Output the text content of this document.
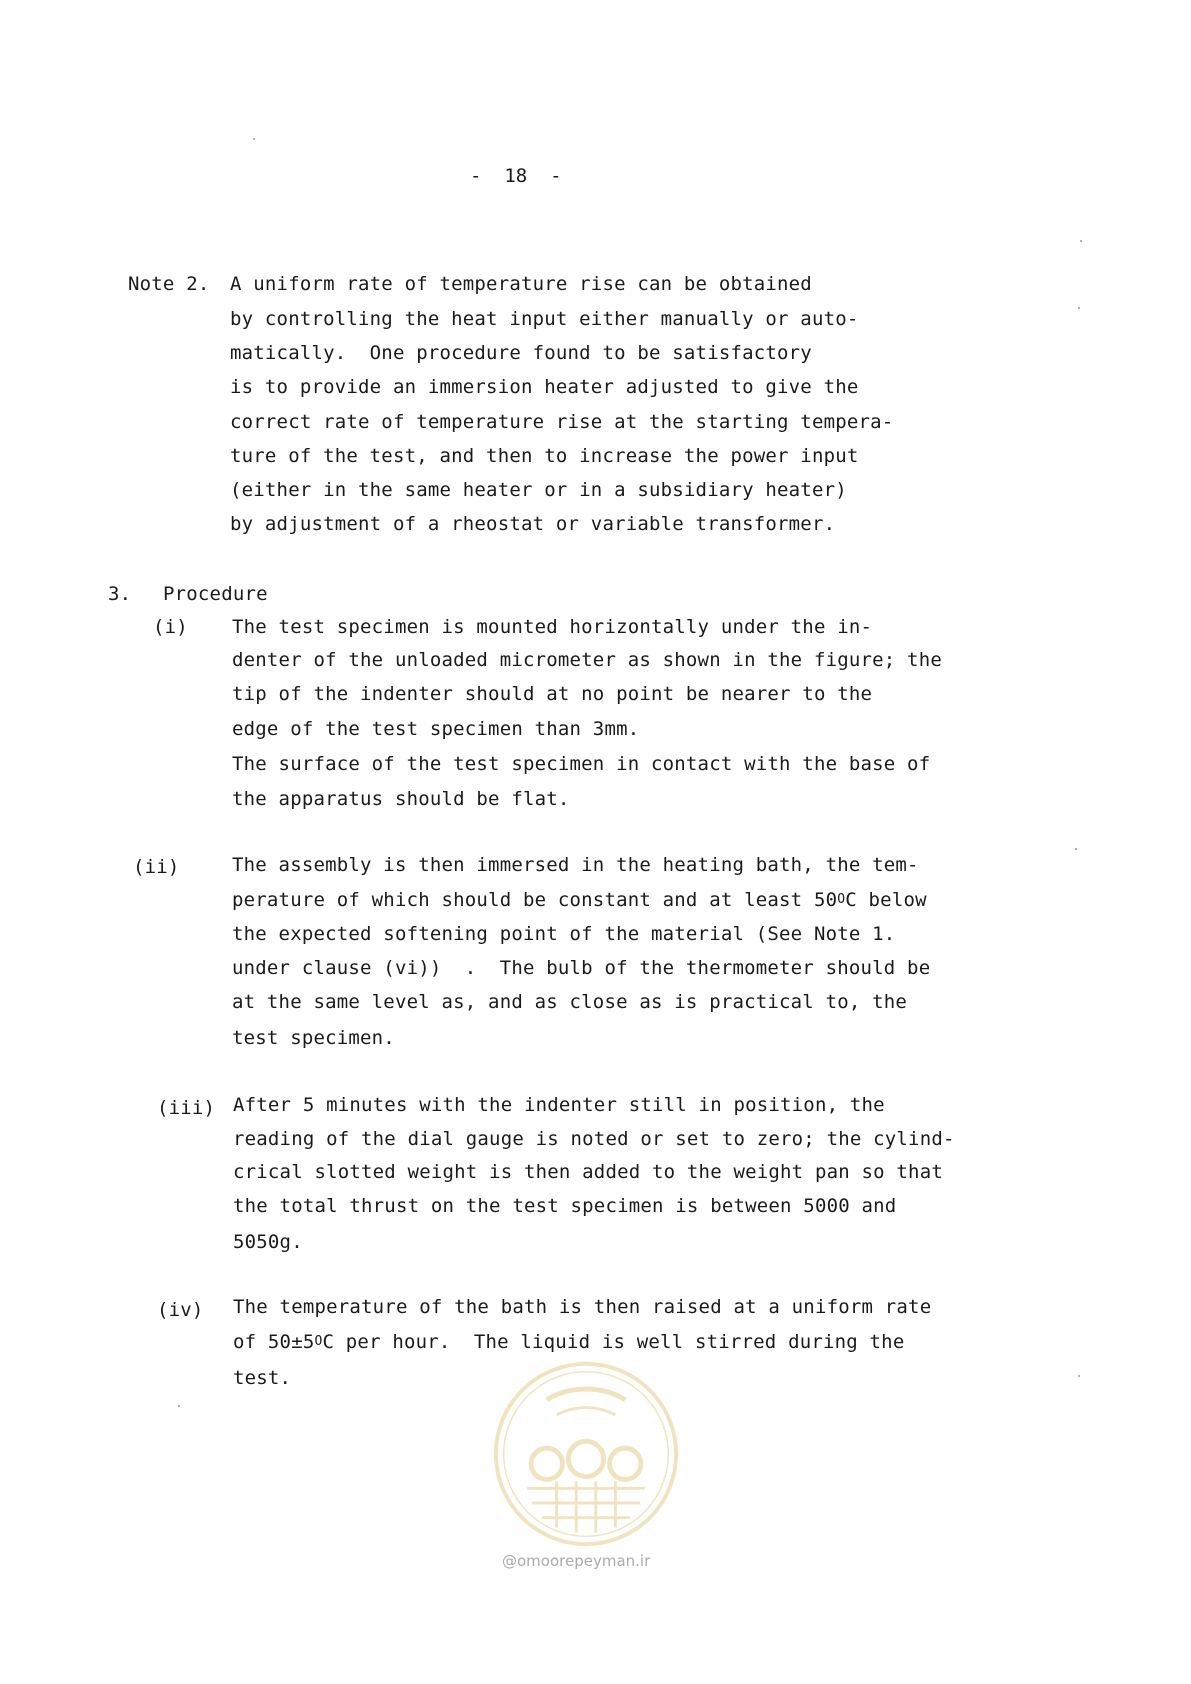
-  18  -
Note 2. A uniform rate of temperature rise can be obtained
by controlling the heat input either manually or auto-
matically.  One procedure found to be satisfactory
is to provide an immersion heater adjusted to give the
correct rate of temperature rise at the starting tempera-
ture of the test, and then to increase the power input
(either in the same heater or in a subsidiary heater)
by adjustment of a rheostat or variable transformer.
3. Procedure
(i) The test specimen is mounted horizontally under the in-
denter of the unloaded micrometer as shown in the figure; the
tip of the indenter should at no point be nearer to the
edge of the test specimen than 3mm.
The surface of the test specimen in contact with the base of
the apparatus should be flat.
(ii)	The assembly is then immersed in the heating bath, the tem-
perature of which should be constant and at least $50^OC$ below
the expected softening point of the material (See Note 1.
under clause (vi))  .  The bulb of the thermometer should be
at the same level as, and as close as is practical to, the
test specimen.
(iii) After 5 minutes with the indenter still in position, the
reading of the dial gauge is noted or set to zero; the cylind-
crical slotted weight is then added to the weight pan so that
the total thrust on the test specimen is between 5000 and
5050g.
(iv) The temperature of the bath is then raised at a uniform rate
of $50\pm 5^OC$ per hour.  The liquid is well stirred during the
test.
@omoorepeyman.ir
